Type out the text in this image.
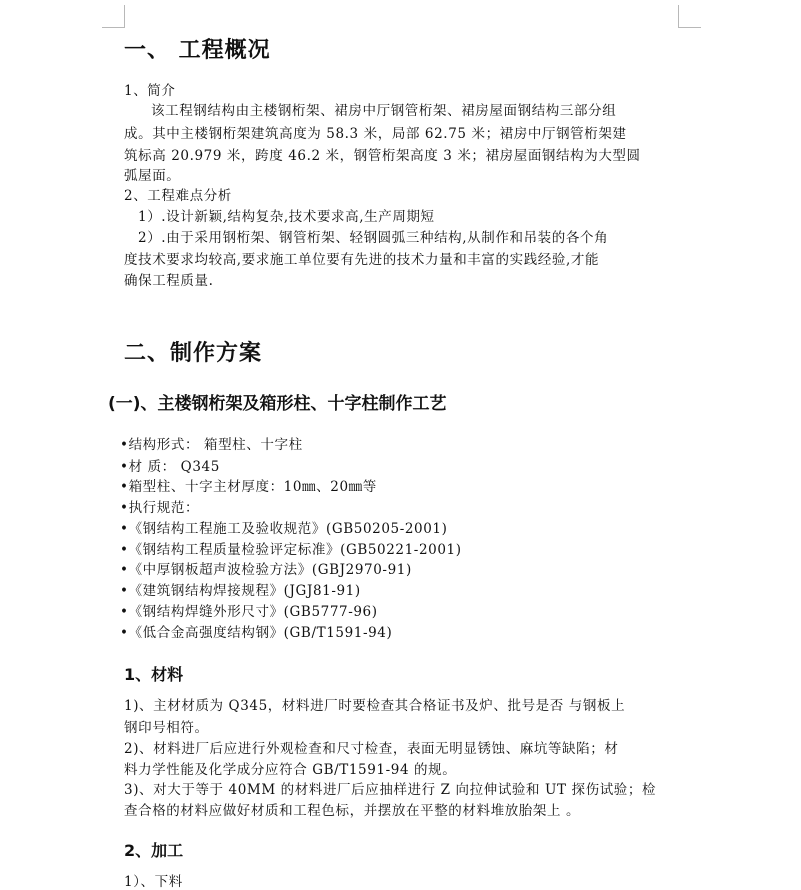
一、 工程概况
1、简介
该工程钢结构由主楼钢桁架、裙房中厅钢管桁架、裙房屋面钢结构三部分组
成。其中主楼钢桁架建筑高度为 58.3 米，局部 62.75 米；裙房中厅钢管桁架建
筑标高 20.979 米，跨度 46.2 米，钢管桁架高度 3 米；裙房屋面钢结构为大型圆
弧屋面。
2、工程难点分析
1）.设计新颖,结构复杂,技术要求高,生产周期短
2）.由于采用钢桁架、钢管桁架、轻钢圆弧三种结构,从制作和吊装的各个角
度技术要求均较高,要求施工单位要有先进的技术力量和丰富的实践经验,才能
确保工程质量.
二、制作方案
(一)、主楼钢桁架及箱形柱、十字柱制作工艺
• 结构形式： 箱型柱、十字柱
• 材 质： Q345
• 箱型柱、十字主材厚度：10㎜、20㎜等
• 执行规范：
• 《钢结构工程施工及验收规范》(GB50205-2001)
• 《钢结构工程质量检验评定标准》(GB50221-2001)
• 《中厚钢板超声波检验方法》(GBJ2970-91)
• 《建筑钢结构焊接规程》(JGJ81-91)
• 《钢结构焊缝外形尺寸》(GB5777-96)
• 《低合金高强度结构钢》(GB/T1591-94)
1、材料
1)、主材材质为 Q345，材料进厂时要检查其合格证书及炉、批号是否 与钢板上
钢印号相符。
2)、材料进厂后应进行外观检查和尺寸检查，表面无明显锈蚀、麻坑等缺陷；材
料力学性能及化学成分应符合 GB/T1591-94 的规。
3)、对大于等于 40MM 的材料进厂后应抽样进行 Z 向拉伸试验和 UT 探伤试验；检
查合格的材料应做好材质和工程色标，并摆放在平整的材料堆放胎架上 。
2、加工
1）、下料
